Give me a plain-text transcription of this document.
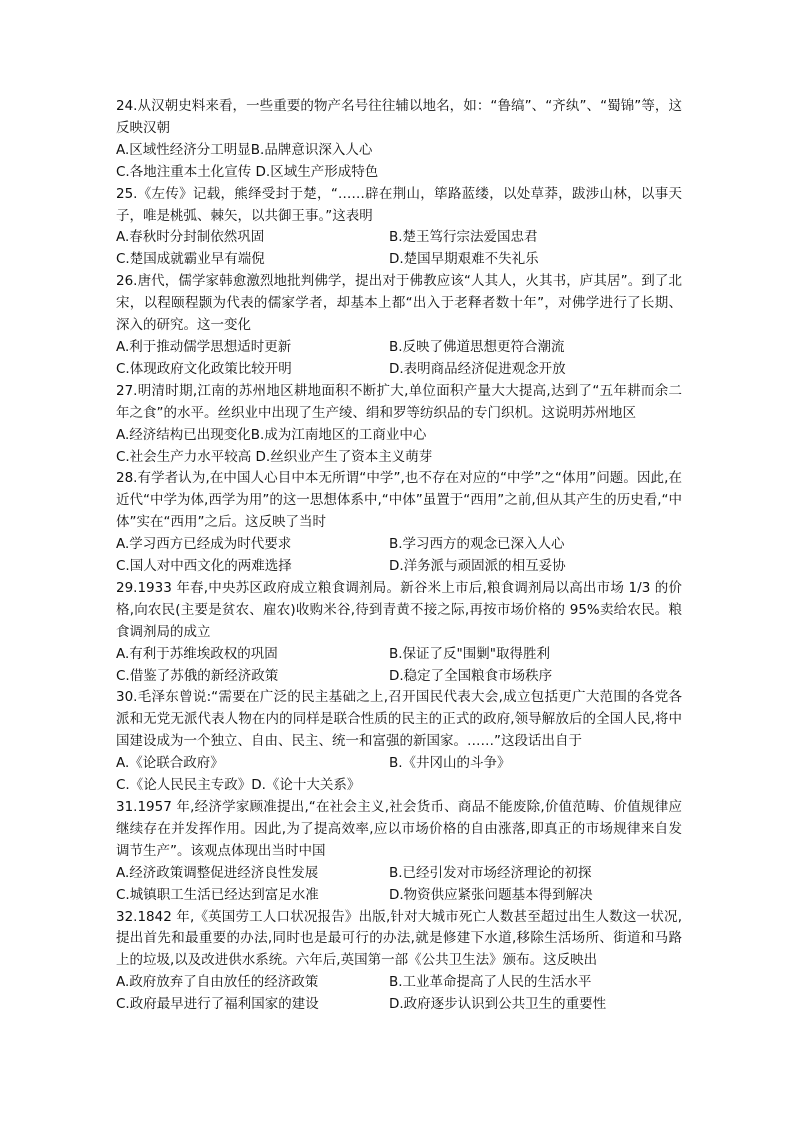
24.从汉朝史料来看，一些重要的物产名号往往辅以地名，如：“鲁缟”、“齐纨”、“蜀锦”等，这反映汉朝

A.区域性经济分工明显B.品牌意识深入人心

C.各地注重本土化宣传 D.区域生产形成特色

25.《左传》记载，熊绎受封于楚，“……辟在荆山，筚路蓝缕，以处草莽，跋涉山林，以事天子，唯是桃弧、棘矢，以共御王事。”这表明

A.春秋时分封制依然巩固	B.楚王笃行宗法爱国忠君
C.楚国成就霸业早有端倪	D.楚国早期艰难不失礼乐

26.唐代，儒学家韩愈激烈地批判佛学，提出对于佛教应该“人其人，火其书，庐其居”。到了北宋，以程颐程颢为代表的儒家学者，却基本上都“出入于老释者数十年”，对佛学进行了长期、深入的研究。这一变化

A.利于推动儒学思想适时更新	B.反映了佛道思想更符合潮流
C.体现政府文化政策比较开明	D.表明商品经济促进观念开放

27.明清时期,江南的苏州地区耕地面积不断扩大,单位面积产量大大提高,达到了“五年耕而余二年之食”的水平。丝织业中出现了生产绫、绢和罗等纺织品的专门织机。这说明苏州地区

A.经济结构已出现变化B.成为江南地区的工商业中心

C.社会生产力水平较高 D.丝织业产生了资本主义萌芽

28.有学者认为,在中国人心目中本无所谓“中学”,也不存在对应的“中学”之“体用”问题。因此,在近代“中学为体,西学为用”的这一思想体系中,“中体”虽置于“西用”之前,但从其产生的历史看,“中体”实在“西用”之后。这反映了当时

A.学习西方已经成为时代要求	B.学习西方的观念已深入人心
C.国人对中西文化的两难选择	D.洋务派与顽固派的相互妥协

29.1933 年春,中央苏区政府成立粮食调剂局。新谷米上市后,粮食调剂局以高出市场 1/3 的价格,向农民(主要是贫农、雇农)收购米谷,待到青黄不接之际,再按市场价格的 95%卖给农民。粮食调剂局的成立

A.有利于苏维埃政权的巩固	B.保证了反"围剿"取得胜利
C.借鉴了苏俄的新经济政策	D.稳定了全国粮食市场秩序

30.毛泽东曾说:“需要在广泛的民主基础之上,召开国民代表大会,成立包括更广大范围的各党各派和无党无派代表人物在内的同样是联合性质的民主的正式的政府,领导解放后的全国人民,将中国建设成为一个独立、自由、民主、统一和富强的新国家。……”这段话出自于

A.《论联合政府》	B.《井冈山的斗争》

C.《论人民民主专政》D.《论十大关系》

31.1957 年,经济学家顾准提出,“在社会主义,社会货币、商品不能废除,价值范畴、价值规律应继续存在并发挥作用。因此,为了提高效率,应以市场价格的自由涨落,即真正的市场规律来自发调节生产”。该观点体现出当时中国

A.经济政策调整促进经济良性发展	B.已经引发对市场经济理论的初探
C.城镇职工生活已经达到富足水准	D.物资供应紧张问题基本得到解决

32.1842 年,《英国劳工人口状况报告》出版,针对大城市死亡人数甚至超过出生人数这一状况,提出首先和最重要的办法,同时也是最可行的办法,就是修建下水道,移除生活场所、街道和马路上的垃圾,以及改进供水系统。六年后,英国第一部《公共卫生法》颁布。这反映出

A.政府放弃了自由放任的经济政策	B.工业革命提高了人民的生活水平
C.政府最早进行了福利国家的建设	D.政府逐步认识到公共卫生的重要性
